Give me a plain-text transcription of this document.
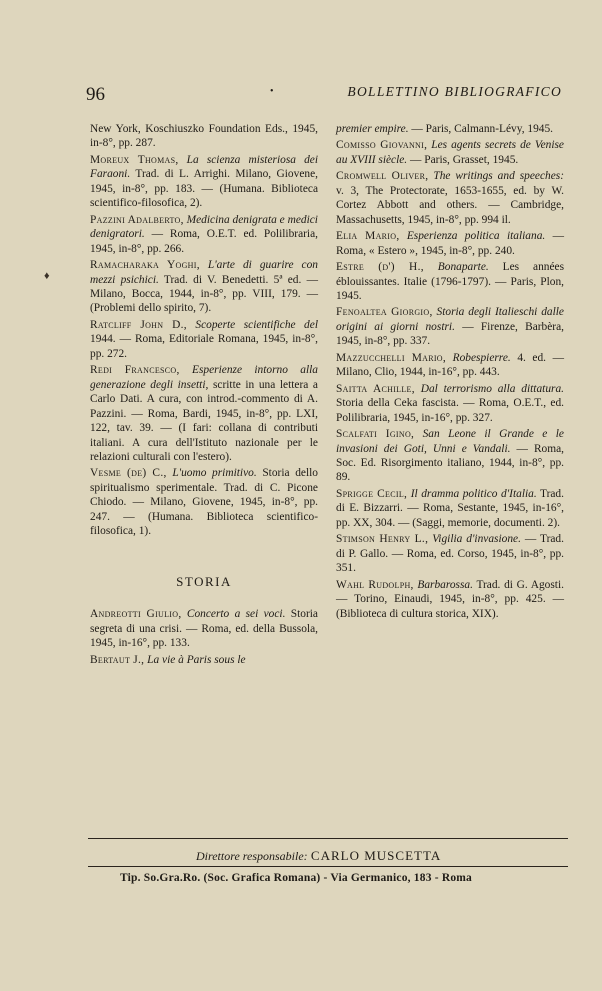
96	•	BOLLETTINO BIBLIOGRAFICO
♦
New York, Koschiuszko Foundation Eds., 1945, in-8°, pp. 287.
Moreux Thomas, La scienza misteriosa dei Faraoni. Trad. di L. Arrighi. Milano, Giovene, 1945, in-8°, pp. 183. — (Humana. Biblioteca scientifico-filosofica, 2).
Pazzini Adalberto, Medicina denigrata e medici denigratori. — Roma, O.E.T. ed. Polilibraria, 1945, in-8°, pp. 266.
Ramacharaka Yoghi, L'arte di guarire con mezzi psichici. Trad. di V. Benedetti. 5ª ed. — Milano, Bocca, 1944, in-8°, pp. VIII, 179. — (Problemi dello spirito, 7).
Ratcliff John D., Scoperte scientifiche del 1944. — Roma, Editoriale Romana, 1945, in-8°, pp. 272.
Redi Francesco, Esperienze intorno alla generazione degli insetti, scritte in una lettera a Carlo Dati. A cura, con introd.-commento di A. Pazzini. — Roma, Bardi, 1945, in-8°, pp. LXI, 122, tav. 39. — (I fari: collana di contributi italiani. A cura dell'Istituto nazionale per le relazioni culturali con l'estero).
Vesme (de) C., L'uomo primitivo. Storia dello spiritualismo sperimentale. Trad. di C. Picone Chiodo. — Milano, Giovene, 1945, in-8°, pp. 247. — (Humana. Biblioteca scientifico-filosofica, 1).
STORIA
Andreotti Giulio, Concerto a sei voci. Storia segreta di una crisi. — Roma, ed. della Bussola, 1945, in-16°, pp. 133.
Bertaut J., La vie à Paris sous le
premier empire. — Paris, Calmann-Lévy, 1945.
Comisso Giovanni, Les agents secrets de Venise au XVIII siècle. — Paris, Grasset, 1945.
Cromwell Oliver, The writings and speeches: v. 3, The Protectorate, 1653-1655, ed. by W. Cortez Abbott and others. — Cambridge, Massachusetts, 1945, in-8°, pp. 994 il.
Elia Mario, Esperienza politica italiana. — Roma, « Estero », 1945, in-8°, pp. 240.
Estre (d') H., Bonaparte. Les années éblouissantes. Italie (1796-1797). — Paris, Plon, 1945.
Fenoaltea Giorgio, Storia degli Italieschi dalle origini ai giorni nostri. — Firenze, Barbèra, 1945, in-8°, pp. 337.
Mazzucchelli Mario, Robespierre. 4. ed. — Milano, Clio, 1944, in-16°, pp. 443.
Saitta Achille, Dal terrorismo alla dittatura. Storia della Ceka fascista. — Roma, O.E.T., ed. Polilibraria, 1945, in-16°, pp. 327.
Scalfati Igino, San Leone il Grande e le invasioni dei Goti, Unni e Vandali. — Roma, Soc. Ed. Risorgimento italiano, 1944, in-8°, pp. 89.
Sprigge Cecil, Il dramma politico d'Italia. Trad. di E. Bizzarri. — Roma, Sestante, 1945, in-16°, pp. XX, 304. — (Saggi, memorie, documenti. 2).
Stimson Henry L., Vigilia d'invasione. — Trad. di P. Gallo. — Roma, ed. Corso, 1945, in-8°, pp. 351.
Wahl Rudolph, Barbarossa. Trad. di G. Agosti. — Torino, Einaudi, 1945, in-8°, pp. 425. — (Biblioteca di cultura storica, XIX).
Direttore responsabile: CARLO MUSCETTA
Tip. So.Gra.Ro. (Soc. Grafica Romana) - Via Germanico, 183 - Roma
